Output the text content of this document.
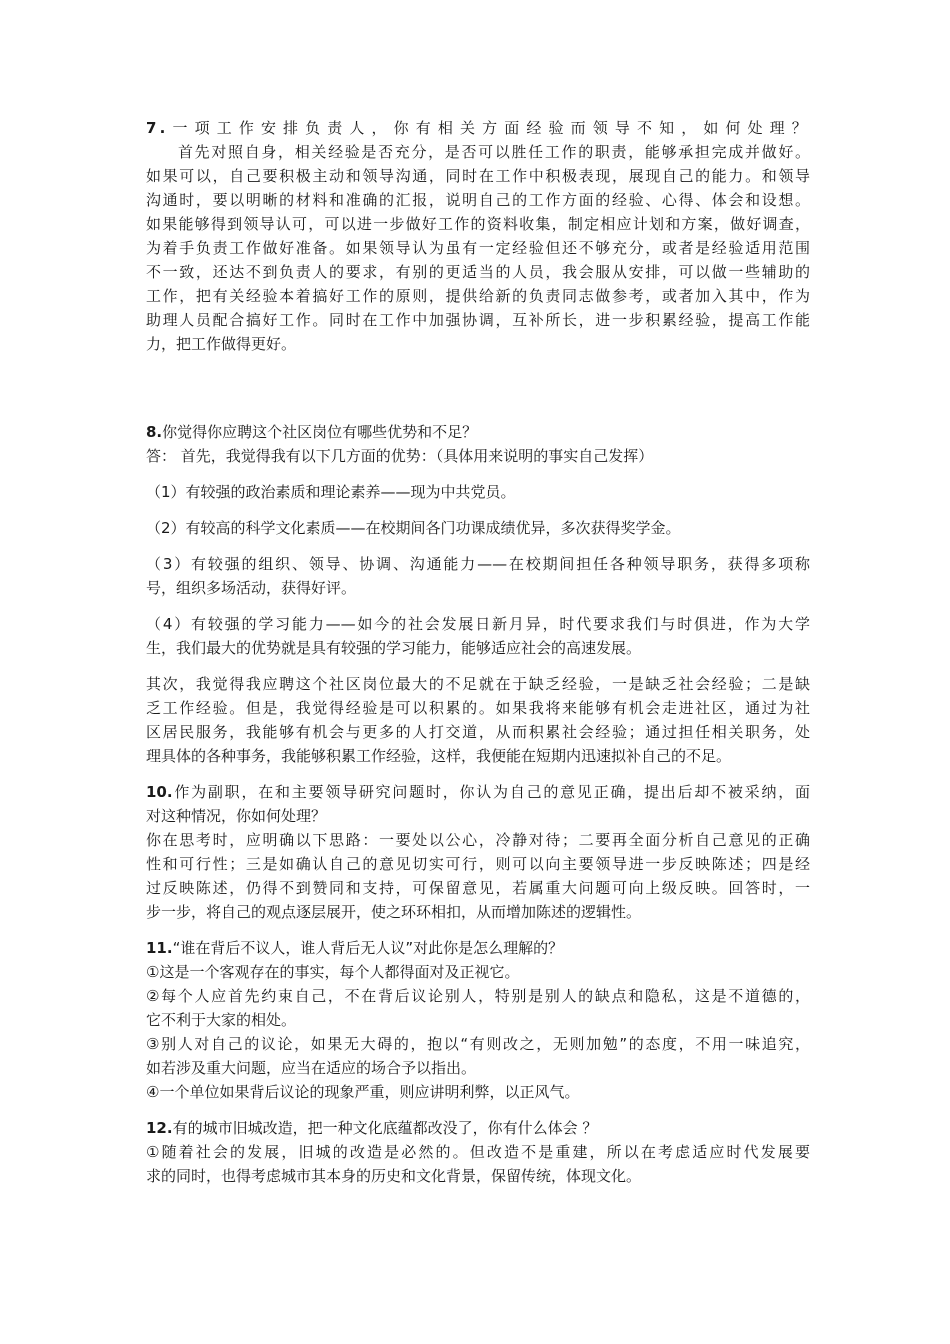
7.一项工作安排负责人，你有相关方面经验而领导不知，如何处理？
首先对照自身，相关经验是否充分，是否可以胜任工作的职责，能够承担完成并做好。
如果可以，自己要积极主动和领导沟通，同时在工作中积极表现，展现自己的能力。和领导
沟通时，要以明晰的材料和准确的汇报，说明自己的工作方面的经验、心得、体会和设想。
如果能够得到领导认可，可以进一步做好工作的资料收集，制定相应计划和方案，做好调查，
为着手负责工作做好准备。如果领导认为虽有一定经验但还不够充分，或者是经验适用范围
不一致，还达不到负责人的要求，有别的更适当的人员，我会服从安排，可以做一些辅助的
工作，把有关经验本着搞好工作的原则，提供给新的负责同志做参考，或者加入其中，作为
助理人员配合搞好工作。同时在工作中加强协调，互补所长，进一步积累经验，提高工作能
力，把工作做得更好。
8.你觉得你应聘这个社区岗位有哪些优势和不足？
答： 首先，我觉得我有以下几方面的优势：（具体用来说明的事实自己发挥）
（1）有较强的政治素质和理论素养——现为中共党员。
（2）有较高的科学文化素质——在校期间各门功课成绩优异，多次获得奖学金。
（3）有较强的组织、领导、协调、沟通能力——在校期间担任各种领导职务，获得多项称
号，组织多场活动，获得好评。
（4）有较强的学习能力——如今的社会发展日新月异，时代要求我们与时俱进，作为大学
生，我们最大的优势就是具有较强的学习能力，能够适应社会的高速发展。
其次，我觉得我应聘这个社区岗位最大的不足就在于缺乏经验，一是缺乏社会经验；二是缺
乏工作经验。但是，我觉得经验是可以积累的。如果我将来能够有机会走进社区，通过为社
区居民服务，我能够有机会与更多的人打交道，从而积累社会经验；通过担任相关职务，处
理具体的各种事务，我能够积累工作经验，这样，我便能在短期内迅速拟补自己的不足。
10.作为副职，在和主要领导研究问题时，你认为自己的意见正确，提出后却不被采纳，面
对这种情况，你如何处理？
你在思考时，应明确以下思路：一要处以公心，冷静对待；二要再全面分析自己意见的正确
性和可行性；三是如确认自己的意见切实可行，则可以向主要领导进一步反映陈述；四是经
过反映陈述，仍得不到赞同和支持，可保留意见，若属重大问题可向上级反映。回答时，一
步一步，将自己的观点逐层展开，使之环环相扣，从而增加陈述的逻辑性。
11.“谁在背后不议人，谁人背后无人议”对此你是怎么理解的？
①这是一个客观存在的事实，每个人都得面对及正视它。
②每个人应首先约束自己，不在背后议论别人，特别是别人的缺点和隐私，这是不道德的，
它不利于大家的相处。
③别人对自己的议论，如果无大碍的，抱以“有则改之，无则加勉”的态度，不用一味追究，
如若涉及重大问题，应当在适应的场合予以指出。
④一个单位如果背后议论的现象严重，则应讲明利弊，以正风气。
12.有的城市旧城改造，把一种文化底蕴都改没了，你有什么体会 ？
①随着社会的发展，旧城的改造是必然的。但改造不是重建，所以在考虑适应时代发展要
求的同时，也得考虑城市其本身的历史和文化背景，保留传统，体现文化。
